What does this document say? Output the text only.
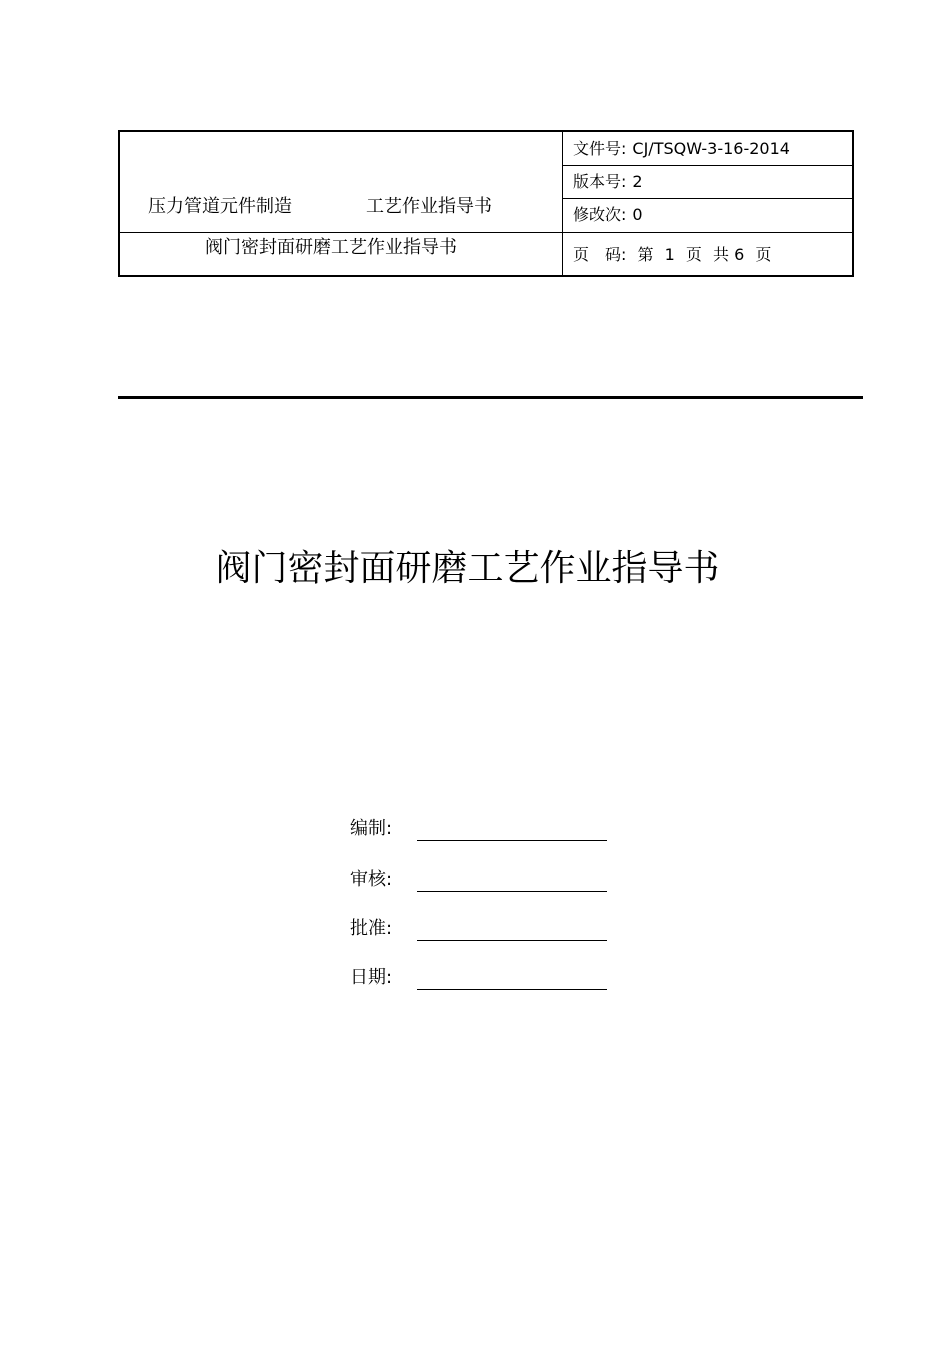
压力管道元件制造	工艺作业指导书
阀门密封面研磨工艺作业指导书
文件号: CJ/TSQW-3-16-2014
版本号: 2
修改次: 0
页　码: 第 1 页 共 6 页
阀门密封面研磨工艺作业指导书
编制:
审核:
批准:
日期:
